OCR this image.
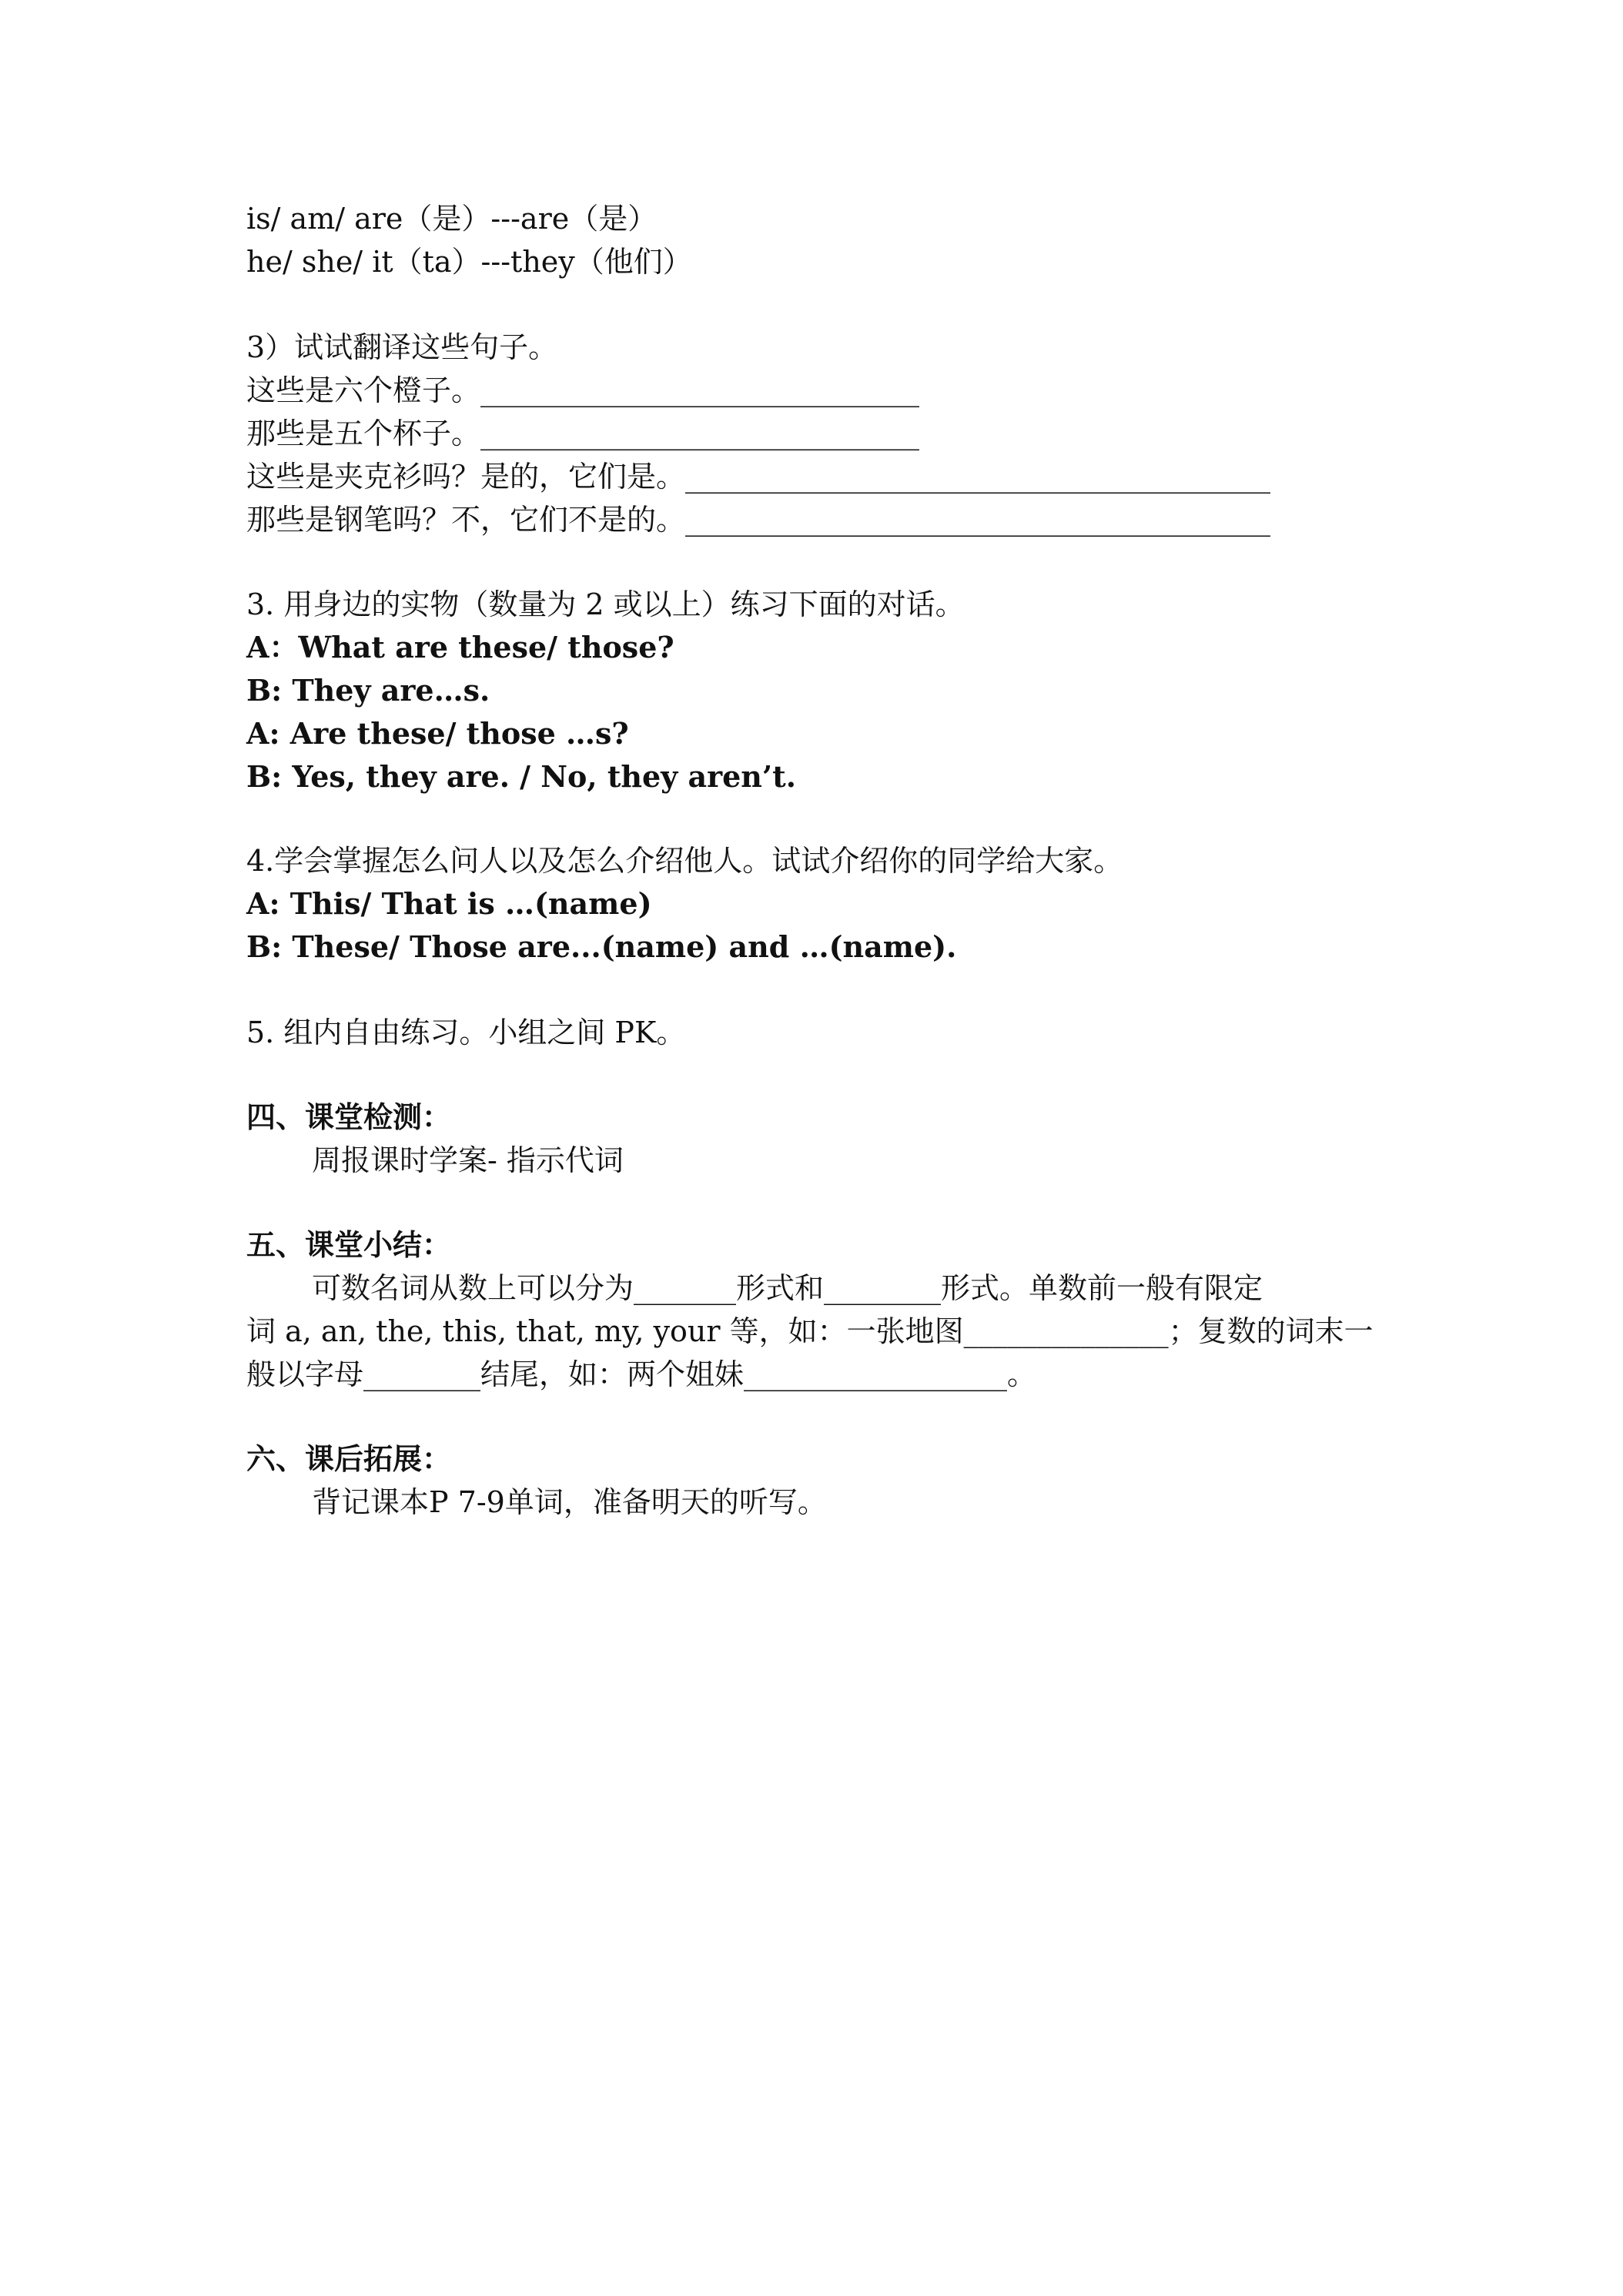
is/ am/ are（是）---are（是）
he/ she/ it（ta）---they（他们）
3）试试翻译这些句子。
这些是六个橙子。______________________________
那些是五个杯子。______________________________
这些是夹克衫吗？是的，它们是。________________________________________
那些是钢笔吗？不，它们不是的。________________________________________
3. 用身边的实物（数量为 2 或以上）练习下面的对话。
A：What are these/ those?
B: They are…s.
A: Are these/ those …s?
B: Yes, they are. / No, they aren’t.
4.学会掌握怎么问人以及怎么介绍他人。试试介绍你的同学给大家。
A: This/ That is …(name)
B: These/ Those are...(name) and …(name).
5. 组内自由练习。小组之间 PK。
四、课堂检测：
周报课时学案- 指示代词
五、课堂小结：
可数名词从数上可以分为_______形式和________形式。单数前一般有限定
词 a, an, the, this, that, my, your 等，如：一张地图______________；复数的词末一
般以字母________结尾，如：两个姐妹__________________。
六、课后拓展：
背记课本P 7-9单词，准备明天的听写。
